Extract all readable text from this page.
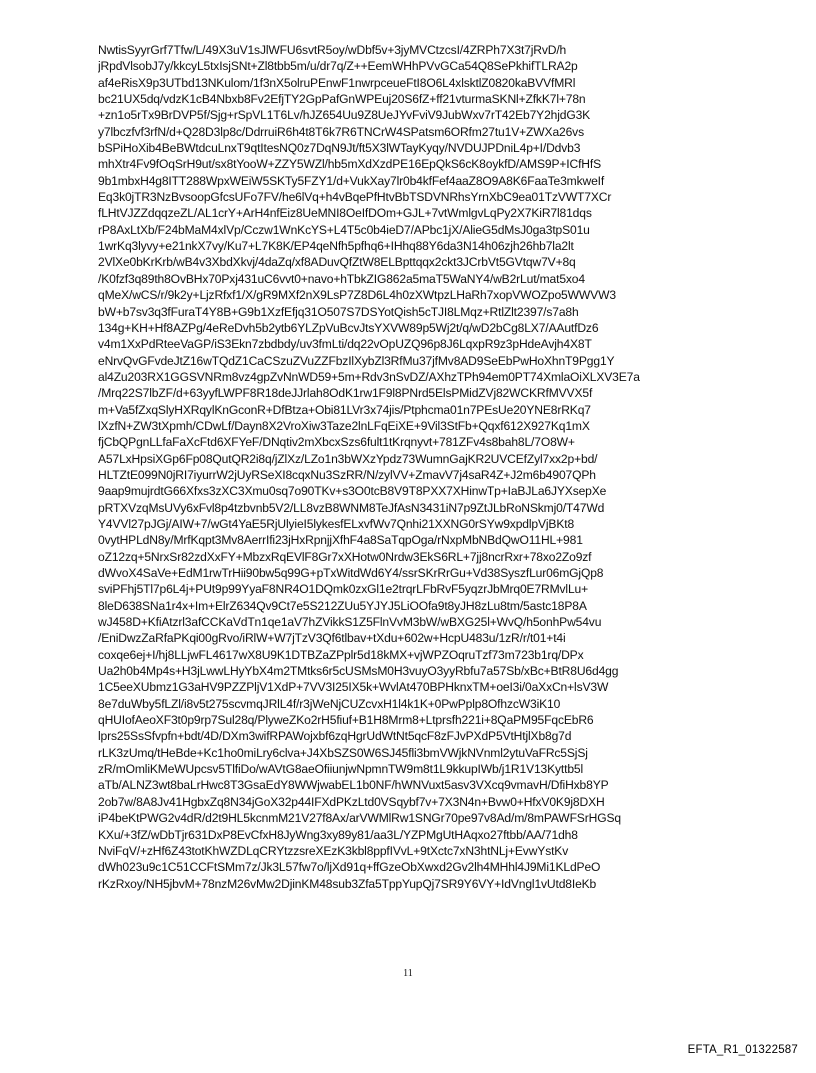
NwtisSyyrGrf7Tfw/L/49X3uV1sJlWFU6svtR5oy/wDbf5v+3jyMVCtzcsI/4ZRPh7X3t7jRvD/h
jRpdVlsobJ7y/kkcyL5txIsjSNt+Zl8tbb5m/u/dr7q/Z++EemWHhPVvGCa54Q8SePkhifTLRA2p
af4eRisX9p3UTbd13NKulom/1f3nX5olruPEnwF1nwrpceueFtI8O6L4xlsktlZ0820kaBVVfMRl
bc21UX5dq/vdzK1cB4Nbxb8Fv2EfjTY2GpPafGnWPEuj20S6fZ+ff21vturmaSKNl+ZfkK7l+78n
+zn1o5rTx9BrDVP5f/Sjg+rSpVL1T6Lv/hJZ654Uu9Z8UeJYvFviV9JubWxv7rT42Eb7Y2hjdG3K
y7lbczfvf3rfN/d+Q28D3lp8c/DdrruiR6h4t8T6k7R6TNCrW4SPatsm6ORfm27tu1V+ZWXa26vs
bSPiHoXib4BeBWtdcuLnxT9qtItesNQ0z7DqN9Jt/ft5X3lWTayKyqy/NVDUJPDniL4p+I/Ddvb3
mhXtr4Fv9fOqSrH9ut/sx8tYooW+ZZY5WZl/hb5mXdXzdPE16EpQkS6cK8oykfD/AMS9P+ICfHfS
9b1mbxH4g8ITT288WpxWEiW5SKTy5FZY1/d+VukXay7lr0b4kfFef4aaZ8O9A8K6FaaTe3mkweIf
Eq3k0jTR3NzBvsoopGfcsUFo7FV/he6lVq+h4vBqePfHtvBbTSDVNRhsYrnXbC9ea01TzVWT7XCr
fLHtVJZZdqqzeZL/AL1crY+ArH4nfEiz8UeMNI8OeIfDOm+GJL+7vtWmlgvLqPy2X7KiR7l81dqs
rP8AxLtXb/F24bMaM4xlVp/Cczw1WnKcYS+L4T5c0b4ieD7/APbc1jX/AlieG5dMsJ0ga3tpS01u
1wrKq3lyvy+e21nkX7vy/Ku7+L7K8K/EP4qeNfh5pfhq6+IHhq88Y6da3N14h06zjh26hb7la2lt
2VlXe0bKrKrb/wB4v3XbdXkvj/4daZq/xf8ADuvQfZtW8ELBpttqqx2ckt3JCrbVt5GVtqw7V+8q
/K0fzf3q89th8OvBHx70Pxj431uC6vvt0+navo+hTbkZIG862a5maT5WaNY4/wB2rLut/mat5xo4
qMeX/wCS/r/9k2y+LjzRfxf1/X/gR9MXf2nX9LsP7Z8D6L4h0zXWtpzLHaRh7xopVWOZpo5WWVW3
bW+b7sv3q3fFuraT4Y8B+G9b1XzfEfjq31O507S7DSYotQish5cTJI8LMqz+RtlZlt2397/s7a8h
134g+KH+Hf8AZPg/4eReDvh5b2ytb6YLZpVuBcvJtsYXVW89p5Wj2t/q/wD2bCg8LX7/AAutfDz6
v4m1XxPdRteeVaGP/iS3Ekn7zbdbdy/uv3fmLti/dq22vOpUZQ96p8J6LqxpR9z3pHdeAvjh4X8T
eNrvQvGFvdeJtZ16wTQdZ1CaCSzuZVuZZFbzIlXybZl3RfMu37jfMv8AD9SeEbPwHoXhnT9Pgg1Y
al4Zu203RX1GGSVNRm8vz4gpZvNnWD59+5m+Rdv3nSvDZ/AXhzTPh94em0PT74XmlaOiXLXV3E7a
/Mrq22S7lbZF/d+63yyfLWPF8R18deJJrlah8OdK1rw1F9l8PNrd5ElsPMidZVj82WCKRfMVVX5f
m+Va5fZxqSlyHXRqylKnGconR+DfBtza+Obi81LVr3x74jis/Ptphcma01n7PEsUe20YNE8rRKq7
lXzfN+ZW3tXpmh/CDwLf/Dayn8X2VroXiw3Taze2lnLFqEiXE+9Vil3StFb+Qqxf612X927Kq1mX
fjCbQPgnLLfaFaXcFtd6XFYeF/DNqtiv2mXbcxSzs6fult1tKrqnyvt+781ZFv4s8bah8L/7O8W+
A57LxHpsiXGp6Fp08QutQR2i8q/jZlXz/LZo1n3bWXzYpdz73WumnGajKR2UVCEfZyl7xx2p+bd/
HLTZtE099N0jRI7iyurrW2jUyRSeXI8cqxNu3SzRR/N/zylVV+ZmavV7j4saR4Z+J2m6b4907QPh
9aap9mujrdtG66Xfxs3zXC3Xmu0sq7o90TKv+s3O0tcB8V9T8PXX7XHinwTp+IaBJLa6JYXsepXe
pRTXVzqMsUVy6xFvl8p4tzbvnb5V2/LL8vzB8WNM8TeJfAsN3431iN7p9ZtJLbRoNSkmj0/T47Wd
Y4VVl27pJGj/AIW+7/wGt4YaE5RjUlyieI5lykesfELxvfWv7Qnhi21XXNG0rSYw9xpdlpVjBKt8
0vytHPLdN8y/MrfKqpt3Mv8AerrIfi23jHxRpnjjXfhF4a8SaTqpOga/rNxpMbNBdQwO11HL+981
oZ12zq+5NrxSr82zdXxFY+MbzxRqEVlF8Gr7xXHotw0Nrdw3EkS6RL+7jj8ncrRxr+78xo2Zo9zf
dWvoX4SaVe+EdM1rwTrHii90bw5q99G+pTxWitdWd6Y4/ssrSKrRrGu+Vd38SyszfLur06mGjQp8
sviPFhj5Tl7p6L4j+PUt9p99YyaF8NR4O1DQmk0zxGl1e2trqrLFbRvF5yqzrJbMrq0E7RMvlLu+
8leD638SNa1r4x+Im+ElrZ634Qv9Ct7e5S212ZUu5YJYJ5LiOOfa9t8yJH8zLu8tm/5astc18P8A
wJ458D+KfiAtzrl3afCCKaVdTn1qe1aV7hZVikkS1Z5FlnVvM3bW/wBXG25l+WvQ/h5onhPw54vu
/EniDwzZaRfaPKqi00gRvo/iRlW+W7jTzV3Qf6tlbav+tXdu+602w+HcpU483u/1zR/r/t01+t4i
coxqe6ej+I/hj8LLjwFL4617wX8U9K1DTBZaZPplr5d18kMX+vjWPZOqruTzf73m723b1rq/DPx
Ua2h0b4Mp4s+H3jLwwLHyYbX4m2TMtks6r5cUSMsM0H3vuyO3yyRbfu7a57Sb/xBc+BtR8U6d4gg
1C5eeXUbmz1G3aHV9PZZPljV1XdP+7VV3I25IX5k+WvlAt470BPHknxTM+oeI3i/0aXxCn+lsV3W
8e7duWby5fLZl/i8v5t275scvmqJRlL4f/r3jWeNjCUZcvxH1l4k1K+0PwPplp8OfhzcW3iK10
qHUIofAeoXF3t0p9rp7Sul28q/PlyweZKo2rH5fiuf+B1H8Mrm8+Ltprsfh221i+8QaPM95FqcEbR6
lprs25SsSfvpfn+bdt/4D/DXm3wifRPAWojxbf6zqHgrUdWtNt5qcF8zFJvPXdP5VtHtjlXb8g7d
rLK3zUmq/tHeBde+Kc1ho0miLry6clva+J4XbSZS0W6SJ45fli3bmVWjkNVnml2ytuVaFRc5SjSj
zR/mOmliKMeWUpcsv5TlfiDo/wAVtG8aeOfiiunjwNpmnTW9m8t1L9kkupIWb/j1R1V13Kyttb5l
aTb/ALNZ3wt8baLrHwc8T3GsaEdY8WWjwabEL1b0NF/hWNVuxt5asv3VXcq9vmavH/DfiHxb8YP
2ob7w/8A8Jv41HgbxZq8N34jGoX32p44IFXdPKzLtd0VSqybf7v+7X3N4n+Bvw0+HfxV0K9j8DXH
iP4beKtPWG2v4dR/d2t9HL5kcnmM21V27f8Ax/arVWMlRw1SNGr70pe97v8Ad/m/8mPAWFSrHGSq
KXu/+3fZ/wDbTjr631DxP8EvCfxH8JyWng3xy89y81/aa3L/YZPMgUtHAqxo27ftbb/AA/71dh8
NviFqV/+zHf6Z43totKhWZDLqCRYtzzsreXEzK3kbl8ppfIVvL+9tXctc7xN3htNLj+EvwYstKv
dWh023u9c1C51CCFtSMm7z/Jk3L57fw7o/ljXd91q+ffGzeObXwxd2Gv2lh4MHhl4J9Mi1KLdPeO
rKzRxoy/NH5jbvM+78nzM26vMw2DjinKM48sub3Zfa5TppYupQj7SR9Y6VY+IdVngl1vUtd8IeKb
11
EFTA_R1_01322587
